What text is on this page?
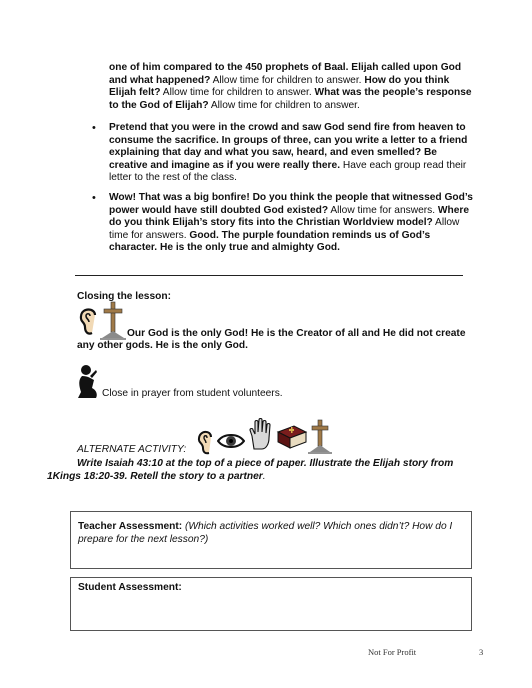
one of him compared to the 450 prophets of Baal. Elijah called upon God
and what happened? Allow time for children to answer. How do you think
Elijah felt? Allow time for children to answer. What was the people’s response
to the God of Elijah? Allow time for children to answer.
• Pretend that you were in the crowd and saw God send fire from heaven to
consume the sacrifice. In groups of three, can you write a letter to a friend
explaining that day and what you saw, heard, and even smelled? Be
creative and imagine as if you were really there. Have each group read their
letter to the rest of the class.
• Wow! That was a big bonfire! Do you think the people that witnessed God’s
power would have still doubted God existed? Allow time for answers. Where
do you think Elijah’s story fits into the Christian Worldview model? Allow
time for answers. Good. The purple foundation reminds us of God’s
character. He is the only true and almighty God.
Closing the lesson:
Our God is the only God! He is the Creator of all and He did not create
any other gods. He is the only God.
Close in prayer from student volunteers.
ALTERNATE ACTIVITY:
Write Isaiah 43:10 at the top of a piece of paper. Illustrate the Elijah story from
1Kings 18:20-39. Retell the story to a partner.
Teacher Assessment: (Which activities worked well? Which ones didn’t? How do I
prepare for the next lesson?)
Student Assessment:
Not For Profit	3
